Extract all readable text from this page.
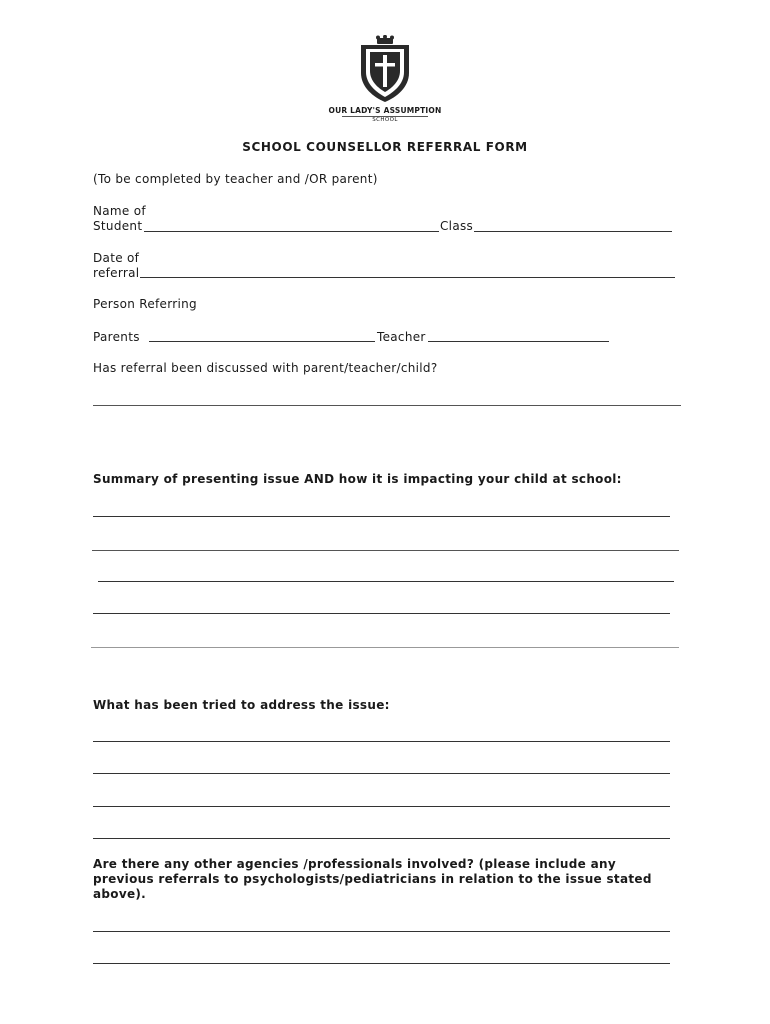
OUR LADY'S ASSUMPTION
SCHOOL
SCHOOL COUNSELLOR REFERRAL FORM
(To be completed by teacher and /OR parent)
Name of
Student	Class
Date of
referral
Person Referring
Parents	Teacher
Has referral been discussed with parent/teacher/child?
Summary of presenting issue AND how it is impacting your child at school:
What has been tried to address the issue:
Are there any other agencies /professionals involved? (please include any
previous referrals to psychologists/pediatricians in relation to the issue stated
above).
